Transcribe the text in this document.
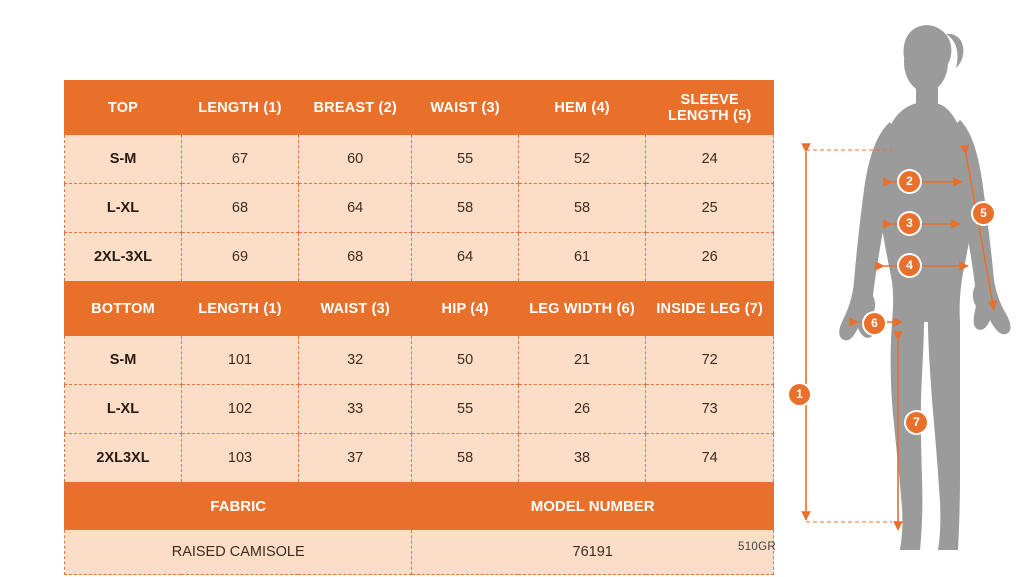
TOP	LENGTH (1)	BREAST (2)	WAIST (3)	HEM (4)	SLEEVE LENGTH (5)
S-M	67	60	55	52	24
L-XL	68	64	58	58	25
2XL-3XL	69	68	64	61	26
BOTTOM	LENGTH (1)	WAIST (3)	HIP (4)	LEG WIDTH (6)	INSIDE LEG (7)
S-M	101	32	50	21	72
L-XL	102	33	55	26	73
2XL3XL	103	37	58	38	74
FABRIC			MODEL NUMBER		
RAISED CAMISOLE			76191			510GR
1
2
3
4
5
6
7
